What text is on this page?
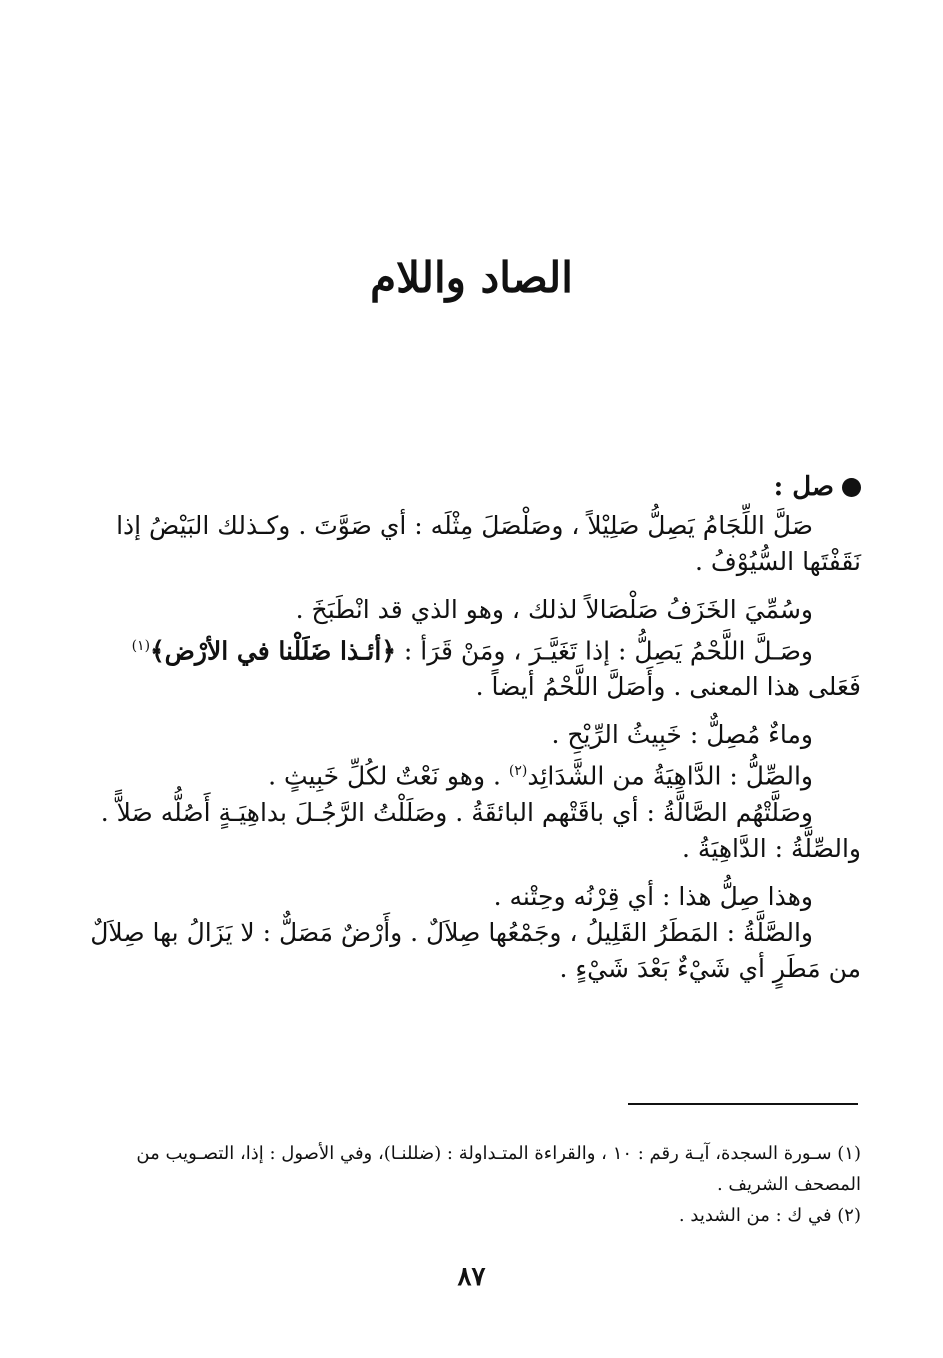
الصاد واللام
صل :

صَلَّ اللِّجَامُ يَصِلُّ صَلِيْلاً ، وصَلْصَلَ مِثْلَه : أي صَوَّتَ . وكـذلك البَيْضُ إذا

نَقَفْتَها السُّيُوْفُ .

وسُمِّيَ الخَزَفُ صَلْصَالاً لذلك ، وهو الذي قد انْطَبَخَ .

وصَـلَّ اللَّحْمُ يَصِلُّ : إذا تَغَيَّـرَ ، ومَنْ قَرَأ : ﴿أئـذا ضَلَلْنا في الأرْض﴾$^{(١)}$

فَعَلى هذا المعنى . وأَصَلَّ اللَّحْمُ أيضاً .

وماءٌ مُصِلٌّ : خَبِيثُ الرِّيْحِ .

والصِّلُّ : الدَّاهِيَةُ من الشَّدَائِد$^{(٢)}$ . وهو نَعْتٌ لكُلِّ خَبِيثٍ .

وصَلَّتْهُم الصَّالَّةُ : أي باقَتْهم البائقَةُ . وصَلَلْتُ الرَّجُـلَ بداهِيَـةٍ أَصُلُّه صَلاًّ .

والصِّلَّةُ : الدَّاهِيَةُ .

وهذا صِلُّ هذا : أي قِرْنُه وحِتْنه .

والصَّلَّةُ : المَطَرُ القَلِيلُ ، وجَمْعُها صِلاَلٌ . وأَرْضٌ مَصَلٌّ : لا يَزَالُ بها صِلاَلٌ

من مَطَرٍ أي شَيْءٌ بَعْدَ شَيْءٍ .

(١) سـورة السجدة، آيـة رقم : ١٠ ، والقراءة المتـداولة : (ضللنـا)، وفي الأصول : إذا، التصـويب من

المصحف الشريف .

(٢) في ك : من الشديد .

٨٧
